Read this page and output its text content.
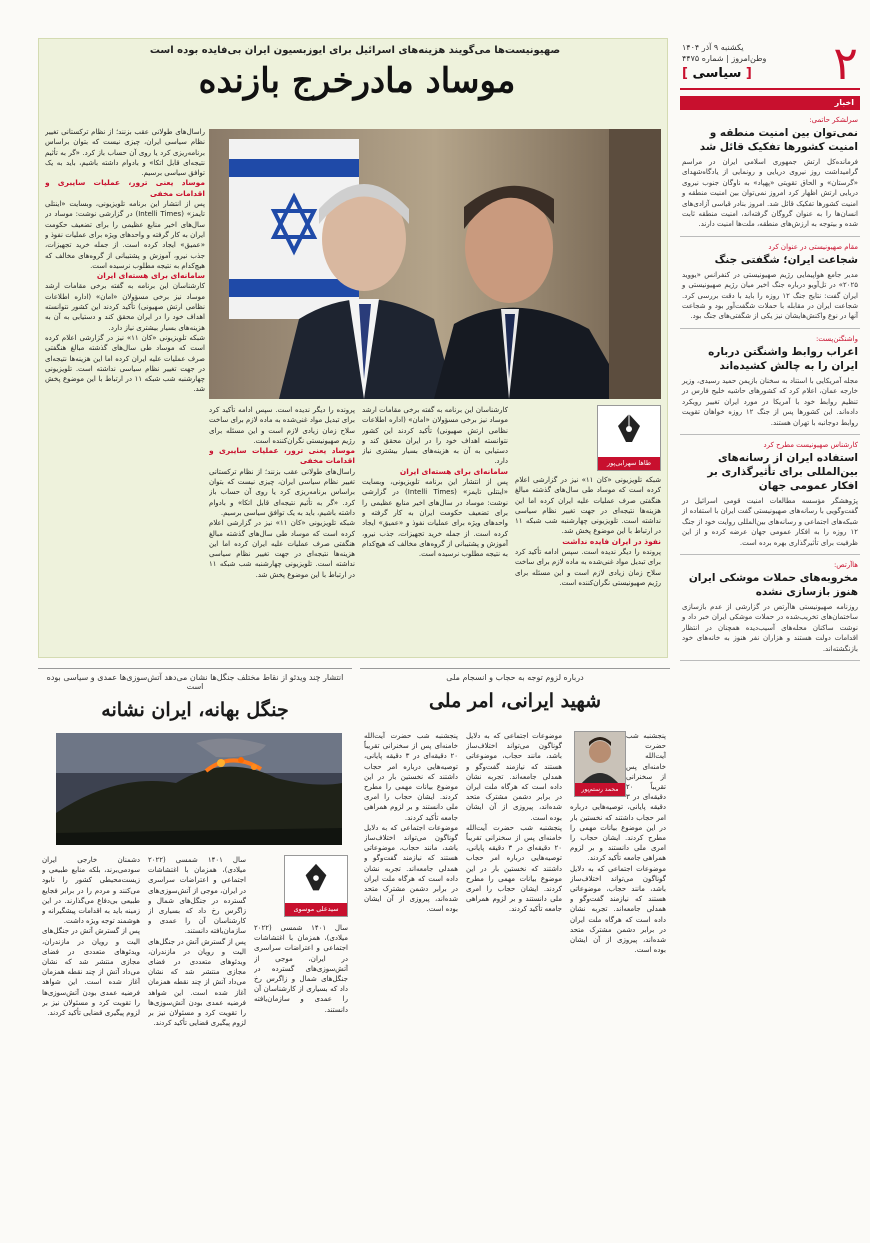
۲
یکشنبه ۹ آذر ۱۴۰۴
وطن‌امروز | شماره ۴۴۷۵
[ سیاسی ]
اخبار
سرلشکر حاتمی:
نمی‌توان بین امنیت منطقه و امنیت کشورها تفکیک قائل شد

فرمانده‌کل ارتش جمهوری اسلامی ایران در مراسم گرامیداشت روز نیروی دریایی و رونمایی از یادگاه‌شهدای «گرستان» و الحاق تقویتی «پهپاد» به ناوگان جنوب نیروی دریایی ارتش اظهار کرد امروز نمی‌توان بین امنیت منطقه و امنیت کشورها تفکیک قائل شد. امروز بنادر قیاسی آزادی‌های انسان‌ها را به عنوان گروگان گرفته‌اند، امنیت منطقه ثابت شده و بیتوجه به ارزش‌های منطقه، ملت‌ها امنیت دارند.

مقام صهیونیستی در عنوان کرد
شجاعت ایران؛ شگفتی جنگ

مدیر جامع هواپیمایی رژیم صهیونیستی در کنفرانس «یووید ۲۰۲۵» در تل‌آویو درباره جنگ اخیر میان رژیم صهیونیستی و ایران گفت: نتایج جنگ ۱۲ روزه را باید با دقت بررسی کرد. شجاعت ایران در مقابله با حملات شگفت‌آور بود و شجاعت آنها در نوع واکنش‌هایشان نیز یکی از شگفتی‌های جنگ بود.

واشنگتن‌پست:
اعراب روابط واشنگتن درباره ایران را به چالش کشیده‌اند

مجله آمریکایی با استناد به سخنان بازیمن حمید رسیدی، وزیر خارجه عمان، اعلام کرد که کشورهای حاشیه خلیج فارس در تنظیم روابط خود با آمریکا در مورد ایران تغییر رویکرد داده‌اند. این کشورها پس از جنگ ۱۲ روزه خواهان تقویت روابط دوجانبه با تهران هستند.

کارشناس صهیونیست مطرح کرد
استفاده ایران از رسانه‌های بین‌المللی برای تأثیرگذاری بر افکار عمومی جهان

پژوهشگر مؤسسه مطالعات امنیت قومی اسرائیل در گفت‌وگویی با رسانه‌های صهیونیستی گفت ایران با استفاده از شبکه‌های اجتماعی و رسانه‌های بین‌المللی روایت خود از جنگ ۱۲ روزه را به افکار عمومی جهان عرضه کرده و از این ظرفیت برای تأثیرگذاری بهره برده است.

هاآرتص:
مخروبه‌های حملات موشکی ایران هنوز بازسازی نشده

روزنامه صهیونیستی هاآرتص در گزارشی از عدم بازسازی ساختمان‌های تخریب‌شده در حملات موشکی ایران خبر داد و نوشت ساکنان محله‌های آسیب‌دیده همچنان در انتظار اقدامات دولت هستند و هزاران نفر هنوز به خانه‌های خود بازنگشته‌اند.

صهیونیست‌ها می‌گویند هزینه‌های اسرائیل برای ایوزبسیون ایران بی‌فایده بوده است
موساد مادرخرج بازنده

راسال‌های طولانی عقب بزنند؛ از نظام ترکستانی تغییر نظام سیاسی ایران، چیزی نیست که بتوان براساس برنامه‌ریزی کرد یا روی آن حساب باز کرد. «گر به تأثیم نتیجه‌ای قابل اتکا» و بادوام داشته باشیم، بايد به یک توافق سیاسی برسیم.

موساد یعنی ترور، عملیات سایبری و اقدامات مخفی

پس از انتشار این برنامه تلویزیونی، وبسایت «اینتلی تایمز» (Intelli Times) در گزارشی نوشت: موساد در سال‌های اخیر منابع عظیمی را برای تضعیف حکومت ایران به کار گرفته و واحدهای ویژه برای عملیات نفوذ و «عمیق» ایجاد کرده است. از جمله خرید تجهیزات، جذب نیرو، آموزش و پشتیبانی از گروه‌های مخالف که هیچ‌کدام به نتیجه مطلوب نرسیده است.

سامانه‌ای برای هسته‌ای ایران

کارشناسان این برنامه به گفته برخی مقامات ارشد موساد نیز برخی مسؤولان «امان» (اداره اطلاعات نظامی ارتش صهیونی) تأکید کردند این کشور نتوانسته اهداف خود را در ایران محقق کند و دستیابی به آن به هزینه‌های بسیار بیشتری نیاز دارد.

شبکه تلویزیونی «کان ۱۱» نیز در گزارشی اعلام کرده است که موساد طی سال‌های گذشته مبالغ هنگفتی صرف عملیات علیه ایران کرده اما این هزینه‌ها نتیجه‌ای در جهت تغییر نظام سیاسی نداشته است. تلویزیونی چهارشنبه شب شبکه ۱۱ در ارتباط با این موضوع پخش شد.

طاها سهرابی‌پور

شبکه تلویزیونی «کان ۱۱» نیز در گزارشی اعلام کرده است که موساد طی سال‌های گذشته مبالغ هنگفتی صرف عملیات علیه ایران کرده اما این هزینه‌ها نتیجه‌ای در جهت تغییر نظام سیاسی نداشته است. تلویزیونی چهارشنبه شب شبکه ۱۱ در ارتباط با این موضوع پخش شد.

نفوذ در ایران فایده نداشت

پرونده را دیگر ندیده است. سپس ادامه تأکید کرد برای تبدیل مواد غنی‌شده به ماده لازم برای ساخت سلاح زمان زیادی لازم است و این مسئله برای رژیم صهیونیستی نگران‌کننده است.

کارشناسان این برنامه به گفته برخی مقامات ارشد موساد نیز برخی مسؤولان «امان» (اداره اطلاعات نظامی ارتش صهیونی) تأکید کردند این کشور نتوانسته اهداف خود را در ایران محقق کند و دستیابی به آن به هزینه‌های بسیار بیشتری نیاز دارد.

سامانه‌ای برای هسته‌ای ایران

پس از انتشار این برنامه تلویزیونی، وبسایت «اینتلی تایمز» (Intelli Times) در گزارشی نوشت: موساد در سال‌های اخیر منابع عظیمی را برای تضعیف حکومت ایران به کار گرفته و واحدهای ویژه برای عملیات نفوذ و «عمیق» ایجاد کرده است. از جمله خرید تجهیزات، جذب نیرو، آموزش و پشتیبانی از گروه‌های مخالف که هیچ‌کدام به نتیجه مطلوب نرسیده است.

پرونده را دیگر ندیده است. سپس ادامه تأکید کرد برای تبدیل مواد غنی‌شده به ماده لازم برای ساخت سلاح زمان زیادی لازم است و این مسئله برای رژیم صهیونیستی نگران‌کننده است.

موساد یعنی ترور، عملیات سایبری و اقدامات مخفی

راسال‌های طولانی عقب بزنند؛ از نظام ترکستانی تغییر نظام سیاسی ایران، چیزی نیست که بتوان براساس برنامه‌ریزی کرد یا روی آن حساب باز کرد. «گر به تأثیم نتیجه‌ای قابل اتکا» و بادوام داشته باشیم، بايد به یک توافق سیاسی برسیم.

شبکه تلویزیونی «کان ۱۱» نیز در گزارشی اعلام کرده است که موساد طی سال‌های گذشته مبالغ هنگفتی صرف عملیات علیه ایران کرده اما این هزینه‌ها نتیجه‌ای در جهت تغییر نظام سیاسی نداشته است. تلویزیونی چهارشنبه شب شبکه ۱۱ در ارتباط با این موضوع پخش شد.

انتشار چند ویدئو از نقاط مختلف جنگل‌ها نشان می‌دهد آتش‌سوزی‌ها عمدی و سیاسی بوده است
جنگل بهانه، ایران نشانه
سیدعلی موسوی

سال ۱۴۰۱ شمسی (۲۰۲۲ میلادی)، همزمان با اغتشاشات اجتماعی و اعتراضات سراسری در ایران، موجی از آتش‌سوزی‌های گسترده در جنگل‌های شمال و زاگرس رخ داد که بسیاری از کارشناسان آن را عمدی و سازمان‌یافته دانستند.

سال ۱۴۰۱ شمسی (۲۰۲۲ میلادی)، همزمان با اغتشاشات اجتماعی و اعتراضات سراسری در ایران، موجی از آتش‌سوزی‌های گسترده در جنگل‌های شمال و زاگرس رخ داد که بسیاری از کارشناسان آن را عمدی و سازمان‌یافته دانستند.

پس از گسترش آتش در جنگل‌های الیت و رویان در مازندران، ویدئوهای متعددی در فضای مجازی منتشر شد که نشان می‌داد آتش از چند نقطه همزمان آغاز شده است. این شواهد فرضیه عمدی بودن آتش‌سوزی‌ها را تقویت کرد و مسئولان نیز بر لزوم پیگیری قضایی تأکید کردند.

دشمنان خارجی ایران سودمی‌برند، بلکه منابع طبیعی و زیست‌محیطی کشور را نابود می‌کنند و مردم را در برابر فجایع طبیعی بی‌دفاع می‌گذارند. در این زمینه باید به اقدامات پیشگیرانه و هوشمند توجه ویژه داشت.

پس از گسترش آتش در جنگل‌های الیت و رویان در مازندران، ویدئوهای متعددی در فضای مجازی منتشر شد که نشان می‌داد آتش از چند نقطه همزمان آغاز شده است. این شواهد فرضیه عمدی بودن آتش‌سوزی‌ها را تقویت کرد و مسئولان نیز بر لزوم پیگیری قضایی تأکید کردند.

درباره لزوم توجه به حجاب و انسجام ملی
شهید ایرانی، امر ملی
محمد رستم‌پور

پنجشنبه شب حضرت آیت‌الله خامنه‌ای پس از سخنرانی تقریباً ۲۰ دقیقه‌ای در ۳ دقیقه پایانی، توصیه‌هایی درباره امر حجاب داشتند که نخستین بار در این موضوع بیانات مهمی را مطرح کردند. ایشان حجاب را امری ملی دانستند و بر لزوم همراهی جامعه تأکید کردند.

موضوعات اجتماعی که به دلایل گوناگون می‌تواند اختلاف‌ساز باشد، مانند حجاب، موضوعاتی هستند که نیازمند گفت‌وگو و همدلی جامعه‌اند. تجربه نشان داده است که هرگاه ملت ایران در برابر دشمن مشترک متحد شده‌اند، پیروزی از آن ایشان بوده است.

موضوعات اجتماعی که به دلایل گوناگون می‌تواند اختلاف‌ساز باشد، مانند حجاب، موضوعاتی هستند که نیازمند گفت‌وگو و همدلی جامعه‌اند. تجربه نشان داده است که هرگاه ملت ایران در برابر دشمن مشترک متحد شده‌اند، پیروزی از آن ایشان بوده است.

پنجشنبه شب حضرت آیت‌الله خامنه‌ای پس از سخنرانی تقریباً ۲۰ دقیقه‌ای در ۳ دقیقه پایانی، توصیه‌هایی درباره امر حجاب داشتند که نخستین بار در این موضوع بیانات مهمی را مطرح کردند. ایشان حجاب را امری ملی دانستند و بر لزوم همراهی جامعه تأکید کردند.

پنجشنبه شب حضرت آیت‌الله خامنه‌ای پس از سخنرانی تقریباً ۲۰ دقیقه‌ای در ۳ دقیقه پایانی، توصیه‌هایی درباره امر حجاب داشتند که نخستین بار در این موضوع بیانات مهمی را مطرح کردند. ایشان حجاب را امری ملی دانستند و بر لزوم همراهی جامعه تأکید کردند.

موضوعات اجتماعی که به دلایل گوناگون می‌تواند اختلاف‌ساز باشد، مانند حجاب، موضوعاتی هستند که نیازمند گفت‌وگو و همدلی جامعه‌اند. تجربه نشان داده است که هرگاه ملت ایران در برابر دشمن مشترک متحد شده‌اند، پیروزی از آن ایشان بوده است.
